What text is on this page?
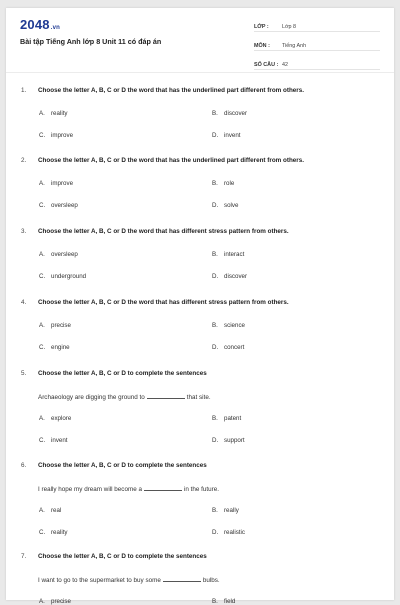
2048.vn
Bài tập Tiếng Anh lớp 8 Unit 11 có đáp án
LỚP :	Lớp 8
MÔN :	Tiếng Anh
SỐ CÂU : 42
1. Choose the letter A, B, C or D the word that has the underlined part different from others.
A. reality	B. discover
C. improve	D. invent
2. Choose the letter A, B, C or D the word that has the underlined part different from others.
A. improve	B. role
C. oversleep	D. solve
3. Choose the letter A, B, C or D the word that has different stress pattern from others.
A. oversleep	B. interact
C. underground	D. discover
4. Choose the letter A, B, C or D the word that has different stress pattern from others.
A. precise	B. science
C. engine	D. concert
5. Choose the letter A, B, C or D to complete the sentences
Archaeology are digging the ground to	that site.
A. explore	B. patent
C. invent	D. support
6. Choose the letter A, B, C or D to complete the sentences
I really hope my dream will become a	in the future.
A. real	B. really
C. reality	D. realistic
7. Choose the letter A, B, C or D to complete the sentences
I want to go to the supermarket to buy some	bulbs.
A. precise	B. field
